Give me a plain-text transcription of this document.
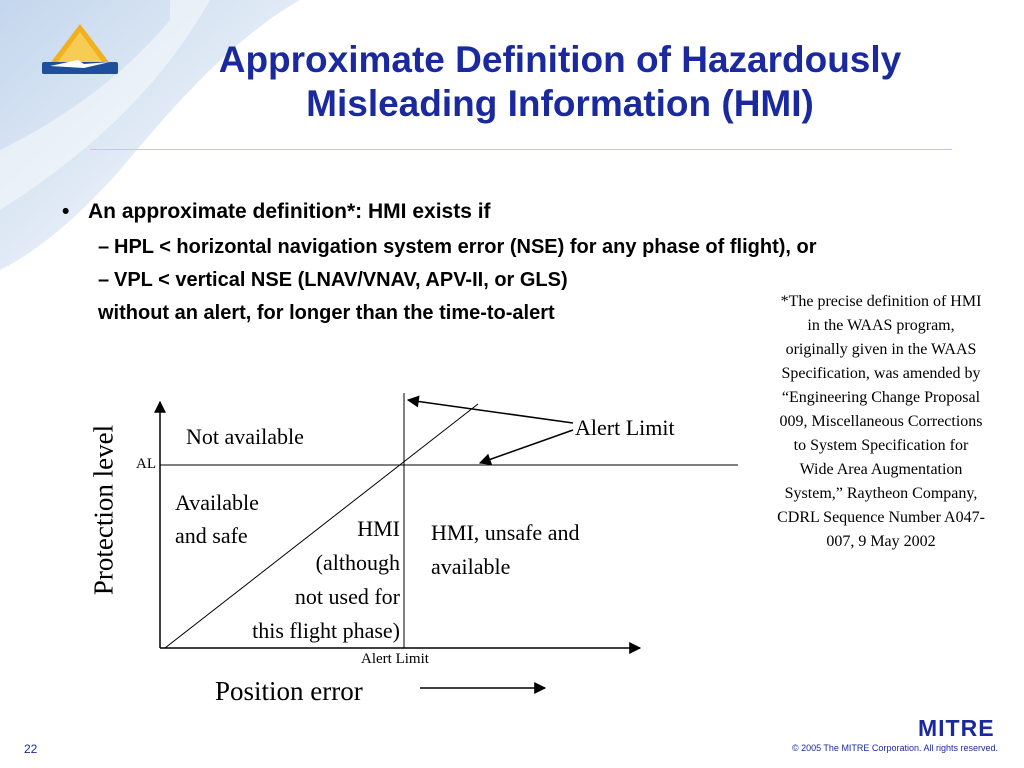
Approximate Definition of Hazardously
Misleading Information (HMI)
• An approximate definition*: HMI exists if
– HPL < horizontal navigation system error (NSE) for any phase of flight), or
– VPL < vertical NSE (LNAV/VNAV, APV-II, or GLS)
without an alert, for longer than the time-to-alert
*The precise definition of HMI in the WAAS program, originally given in the WAAS Specification, was amended by “Engineering Change Proposal 009, Miscellaneous Corrections to System Specification for Wide Area Augmentation System,” Raytheon Company, CDRL Sequence Number A047-007, 9 May 2002
Protection level AL
Not available
Available
and safe	HMI
(although
not used for
this flight phase)
HMI, unsafe and
available
Alert Limit
Alert Limit
Position error
MITRE
22	© 2005 The MITRE Corporation. All rights reserved.
